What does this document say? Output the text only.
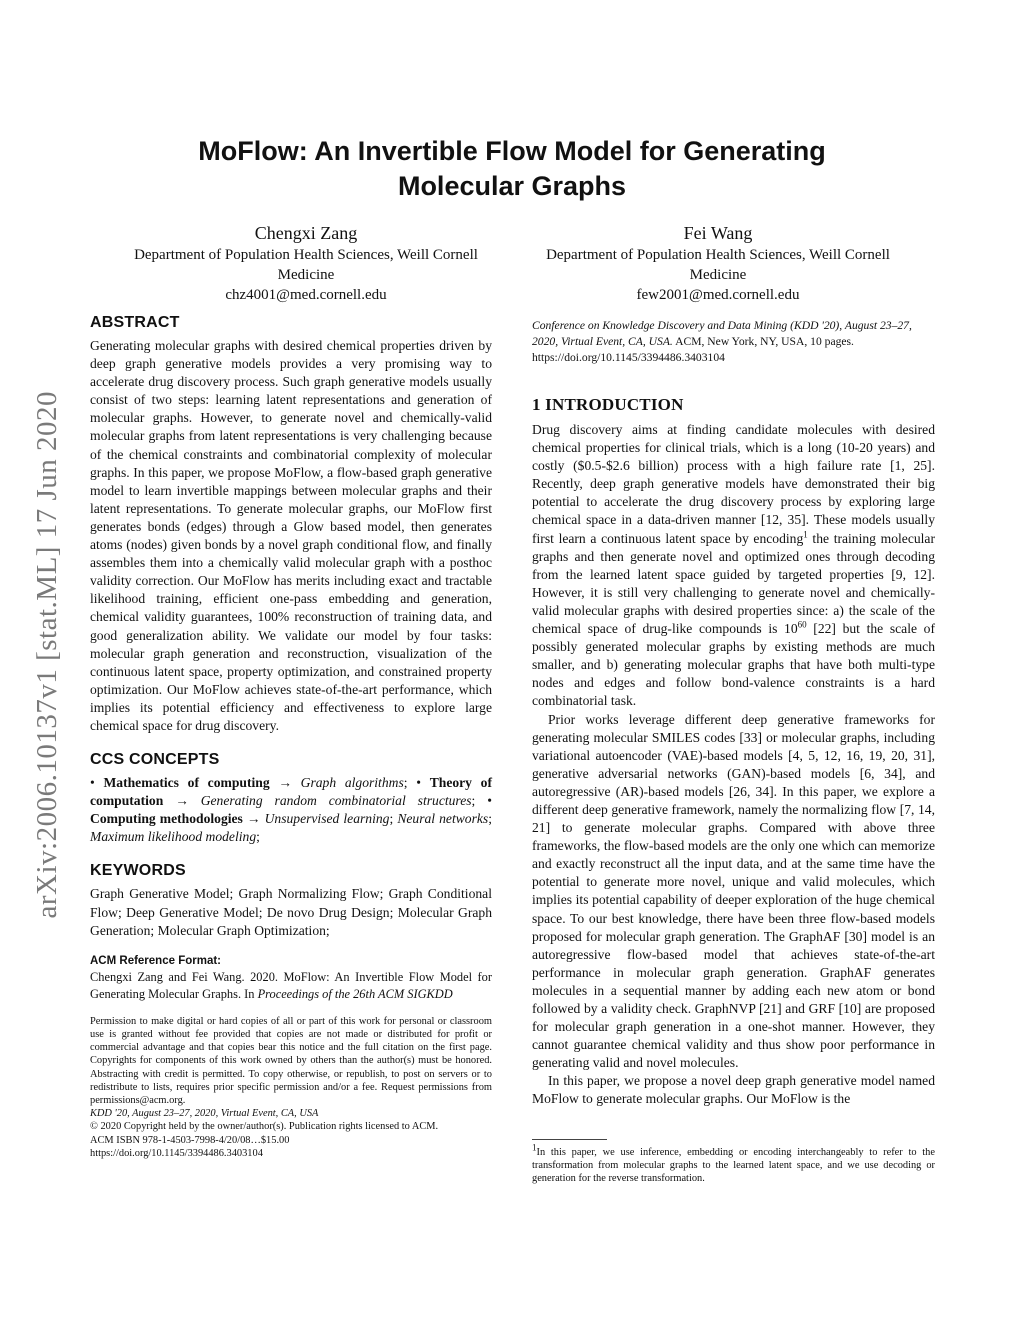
arXiv:2006.10137v1 [stat.ML] 17 Jun 2020
MoFlow: An Invertible Flow Model for Generating
Molecular Graphs
Chengxi Zang
Department of Population Health Sciences, Weill Cornell
Medicine
chz4001@med.cornell.edu
Fei Wang
Department of Population Health Sciences, Weill Cornell
Medicine
few2001@med.cornell.edu
ABSTRACT

Generating molecular graphs with desired chemical properties driven by deep graph generative models provides a very promising way to accelerate drug discovery process. Such graph generative models usually consist of two steps: learning latent representations and generation of molecular graphs. However, to generate novel and chemically-valid molecular graphs from latent representations is very challenging because of the chemical constraints and combinatorial complexity of molecular graphs. In this paper, we propose MoFlow, a flow-based graph generative model to learn invertible mappings between molecular graphs and their latent representations. To generate molecular graphs, our MoFlow first generates bonds (edges) through a Glow based model, then generates atoms (nodes) given bonds by a novel graph conditional flow, and finally assembles them into a chemically valid molecular graph with a posthoc validity correction. Our MoFlow has merits including exact and tractable likelihood training, efficient one-pass embedding and generation, chemical validity guarantees, 100% reconstruction of training data, and good generalization ability. We validate our model by four tasks: molecular graph generation and reconstruction, visualization of the continuous latent space, property optimization, and constrained property optimization. Our MoFlow achieves state-of-the-art performance, which implies its potential efficiency and effectiveness to explore large chemical space for drug discovery.

CCS CONCEPTS
• Mathematics of computing → Graph algorithms; • Theory of computation → Generating random combinatorial structures; • Computing methodologies → Unsupervised learning; Neural networks; Maximum likelihood modeling;
KEYWORDS
Graph Generative Model; Graph Normalizing Flow; Graph Conditional Flow; Deep Generative Model; De novo Drug Design; Molecular Graph Generation; Molecular Graph Optimization;
ACM Reference Format:
Chengxi Zang and Fei Wang. 2020. MoFlow: An Invertible Flow Model for Generating Molecular Graphs. In Proceedings of the 26th ACM SIGKDD
Permission to make digital or hard copies of all or part of this work for personal or classroom use is granted without fee provided that copies are not made or distributed for profit or commercial advantage and that copies bear this notice and the full citation on the first page. Copyrights for components of this work owned by others than the author(s) must be honored. Abstracting with credit is permitted. To copy otherwise, or republish, to post on servers or to redistribute to lists, requires prior specific permission and/or a fee. Request permissions from permissions@acm.org.
KDD '20, August 23–27, 2020, Virtual Event, CA, USA
© 2020 Copyright held by the owner/author(s). Publication rights licensed to ACM.
ACM ISBN 978-1-4503-7998-4/20/08…$15.00
https://doi.org/10.1145/3394486.3403104
Conference on Knowledge Discovery and Data Mining (KDD '20), August 23–27, 2020, Virtual Event, CA, USA. ACM, New York, NY, USA, 10 pages.
https://doi.org/10.1145/3394486.3403104
1 INTRODUCTION

Drug discovery aims at finding candidate molecules with desired chemical properties for clinical trials, which is a long (10-20 years) and costly ($0.5-$2.6 billion) process with a high failure rate [1, 25]. Recently, deep graph generative models have demonstrated their big potential to accelerate the drug discovery process by exploring large chemical space in a data-driven manner [12, 35]. These models usually first learn a continuous latent space by encoding$^1$ the training molecular graphs and then generate novel and optimized ones through decoding from the learned latent space guided by targeted properties [9, 12]. However, it is still very challenging to generate novel and chemically-valid molecular graphs with desired properties since: a) the scale of the chemical space of drug-like compounds is $10^{60}$ [22] but the scale of possibly generated molecular graphs by existing methods are much smaller, and b) generating molecular graphs that have both multi-type nodes and edges and follow bond-valence constraints is a hard combinatorial task.

Prior works leverage different deep generative frameworks for generating molecular SMILES codes [33] or molecular graphs, including variational autoencoder (VAE)-based models [4, 5, 12, 16, 19, 20, 31], generative adversarial networks (GAN)-based models [6, 34], and autoregressive (AR)-based models [26, 34]. In this paper, we explore a different deep generative framework, namely the normalizing flow [7, 14, 21] to generate molecular graphs. Compared with above three frameworks, the flow-based models are the only one which can memorize and exactly reconstruct all the input data, and at the same time have the potential to generate more novel, unique and valid molecules, which implies its potential capability of deeper exploration of the huge chemical space. To our best knowledge, there have been three flow-based models proposed for molecular graph generation. The GraphAF [30] model is an autoregressive flow-based model that achieves state-of-the-art performance in molecular graph generation. GraphAF generates molecules in a sequential manner by adding each new atom or bond followed by a validity check. GraphNVP [21] and GRF [10] are proposed for molecular graph generation in a one-shot manner. However, they cannot guarantee chemical validity and thus show poor performance in generating valid and novel molecules.

In this paper, we propose a novel deep graph generative model named MoFlow to generate molecular graphs. Our MoFlow is the

$^1$In this paper, we use inference, embedding or encoding interchangeably to refer to the transformation from molecular graphs to the learned latent space, and we use decoding or generation for the reverse transformation.
